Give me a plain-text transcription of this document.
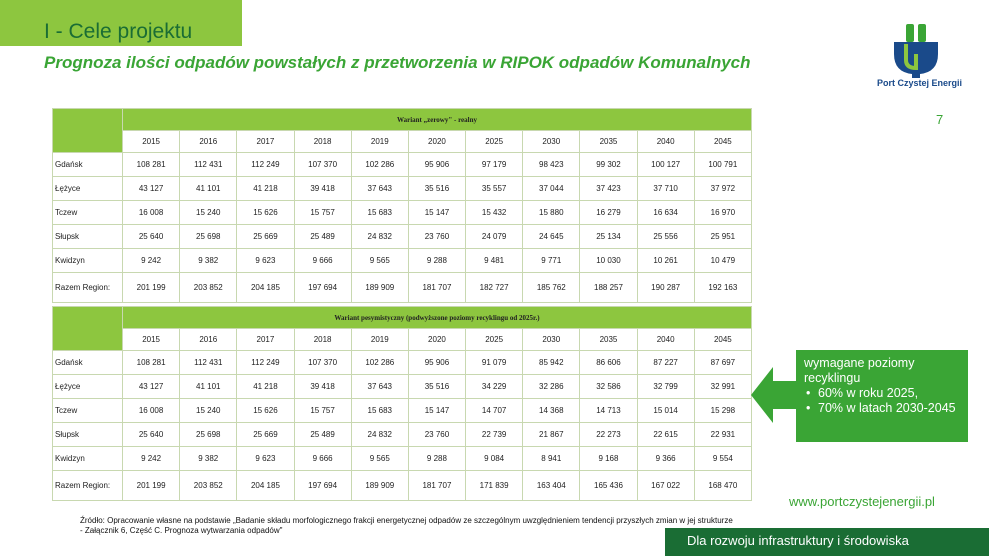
I - Cele projektu
Prognoza ilości odpadów powstałych z przetworzenia w RIPOK odpadów Komunalnych
Port Czystej Energii
7
	Wariant „zerowy" - realny										
	2015	2016	2017	2018	2019	2020	2025	2030	2035	2040	2045
Gdańsk	108 281	112 431	112 249	107 370	102 286	95 906	97 179	98 423	99 302	100 127	100 791
Łężyce	43 127	41 101	41 218	39 418	37 643	35 516	35 557	37 044	37 423	37 710	37 972
Tczew	16 008	15 240	15 626	15 757	15 683	15 147	15 432	15 880	16 279	16 634	16 970
Słupsk	25 640	25 698	25 669	25 489	24 832	23 760	24 079	24 645	25 134	25 556	25 951
Kwidzyn	9 242	9 382	9 623	9 666	9 565	9 288	9 481	9 771	10 030	10 261	10 479
Razem Region:	201 199	203 852	204 185	197 694	189 909	181 707	182 727	185 762	188 257	190 287	192 163
	Wariant pesymistyczny (podwyższone poziomy recyklingu od 2025r.)										
	2015	2016	2017	2018	2019	2020	2025	2030	2035	2040	2045
Gdańsk	108 281	112 431	112 249	107 370	102 286	95 906	91 079	85 942	86 606	87 227	87 697
Łężyce	43 127	41 101	41 218	39 418	37 643	35 516	34 229	32 286	32 586	32 799	32 991
Tczew	16 008	15 240	15 626	15 757	15 683	15 147	14 707	14 368	14 713	15 014	15 298
Słupsk	25 640	25 698	25 669	25 489	24 832	23 760	22 739	21 867	22 273	22 615	22 931
Kwidzyn	9 242	9 382	9 623	9 666	9 565	9 288	9 084	8 941	9 168	9 366	9 554
Razem Region:	201 199	203 852	204 185	197 694	189 909	181 707	171 839	163 404	165 436	167 022	168 470
wymagane poziomy recyklingu
• 60% w roku 2025,
• 70% w latach 2030-2045
www.portczystejenergii.pl
Źródło: Opracowanie własne na podstawie „Badanie składu morfologicznego frakcji energetycznej odpadów ze szczególnym uwzględnieniem tendencji przyszłych zmian w jej strukturze - Załącznik 6, Część C. Prognoza wytwarzania odpadów"
Dla rozwoju infrastruktury i środowiska
